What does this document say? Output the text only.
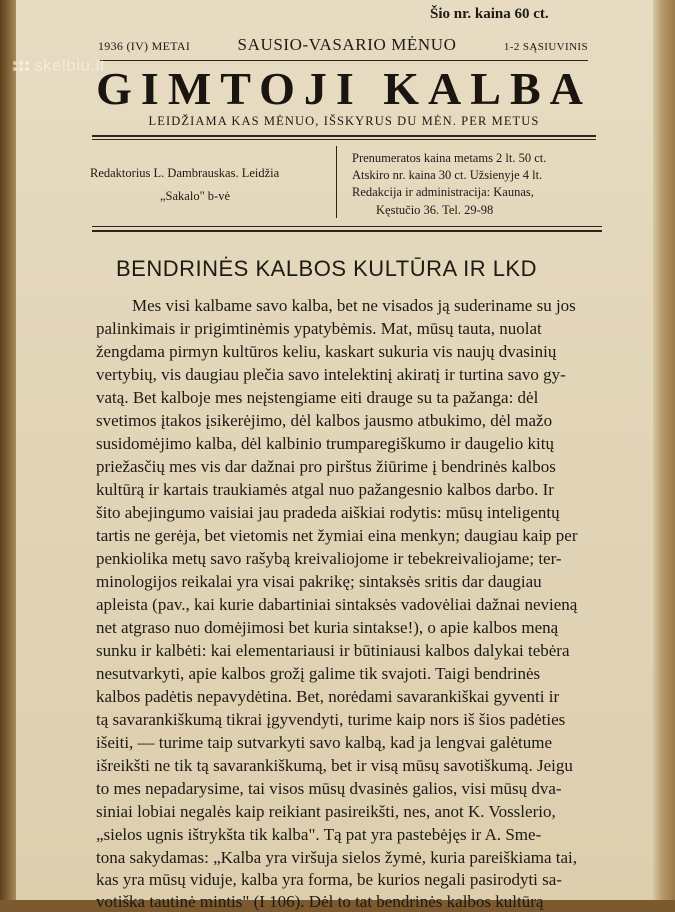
Šio nr. kaina 60 ct.
1936 (IV) METAI	SAUSIO-VASARIO MĖNUO	1-2 SĄSIUVINIS
GIMTOJI KALBA
LEIDŽIAMA KAS MĖNUO, IŠSKYRUS DU MĖN. PER METUS
Redaktorius L. Dambrauskas. Leidžia
„Sakalo" b-vė
Prenumeratos kaina metams 2 lt. 50 ct.
Atskiro nr. kaina 30 ct. Užsienyje 4 lt.
Redakcija ir administracija: Kaunas,
Kęstučio 36. Tel. 29-98
BENDRINĖS KALBOS KULTŪRA IR LKD
Mes visi kalbame savo kalba, bet ne visados ją suderiname su jos
palinkimais ir prigimtinėmis ypatybėmis. Mat, mūsų tauta, nuolat
žengdama pirmyn kultūros keliu, kaskart sukuria vis naujų dvasinių
vertybių, vis daugiau plečia savo intelektinį akiratį ir turtina savo gy-
vatą. Bet kalboje mes neįstengiame eiti drauge su ta pažanga: dėl
svetimos įtakos įsikerėjimo, dėl kalbos jausmo atbukimo, dėl mažo
susidomėjimo kalba, dėl kalbinio trumparegiškumo ir daugelio kitų
priežasčių mes vis dar dažnai pro pirštus žiūrime į bendrinės kalbos
kultūrą ir kartais traukiamės atgal nuo pažangesnio kalbos darbo. Ir
šito abejingumo vaisiai jau pradeda aiškiai rodytis: mūsų inteligentų
tartis ne gerėja, bet vietomis net žymiai eina menkyn; daugiau kaip per
penkiolika metų savo rašybą kreivaliojome ir tebekreivaliojame; ter-
minologijos reikalai yra visai pakrikę; sintaksės sritis dar daugiau
apleista (pav., kai kurie dabartiniai sintaksės vadovėliai dažnai nevieną
net atgraso nuo domėjimosi bet kuria sintakse!), o apie kalbos meną
sunku ir kalbėti: kai elementariausi ir būtiniausi kalbos dalykai tebėra
nesutvarkyti, apie kalbos grožį galime tik svajoti. Taigi bendrinės
kalbos padėtis nepavydėtina. Bet, norėdami savarankiškai gyventi ir
tą savarankiškumą tikrai įgyvendyti, turime kaip nors iš šios padėties
išeiti, — turime taip sutvarkyti savo kalbą, kad ja lengvai galėtume
išreikšti ne tik tą savarankiškumą, bet ir visą mūsų savotiškumą. Jeigu
to mes nepadarysime, tai visos mūsų dvasinės galios, visi mūsų dva-
siniai lobiai negalės kaip reikiant pasireikšti, nes, anot K. Vosslerio,
„sielos ugnis ištrykšta tik kalba". Tą pat yra pastebėjęs ir A. Sme-
tona sakydamas: „Kalba yra viršuja sielos žymė, kuria pareiškiama tai,
kas yra mūsų viduje, kalba yra forma, be kurios negali pasirodyti sa-
votiška tautinė mintis" (I 106). Dėl to tat bendrinės kalbos kultūrą
skelbiu.lt
